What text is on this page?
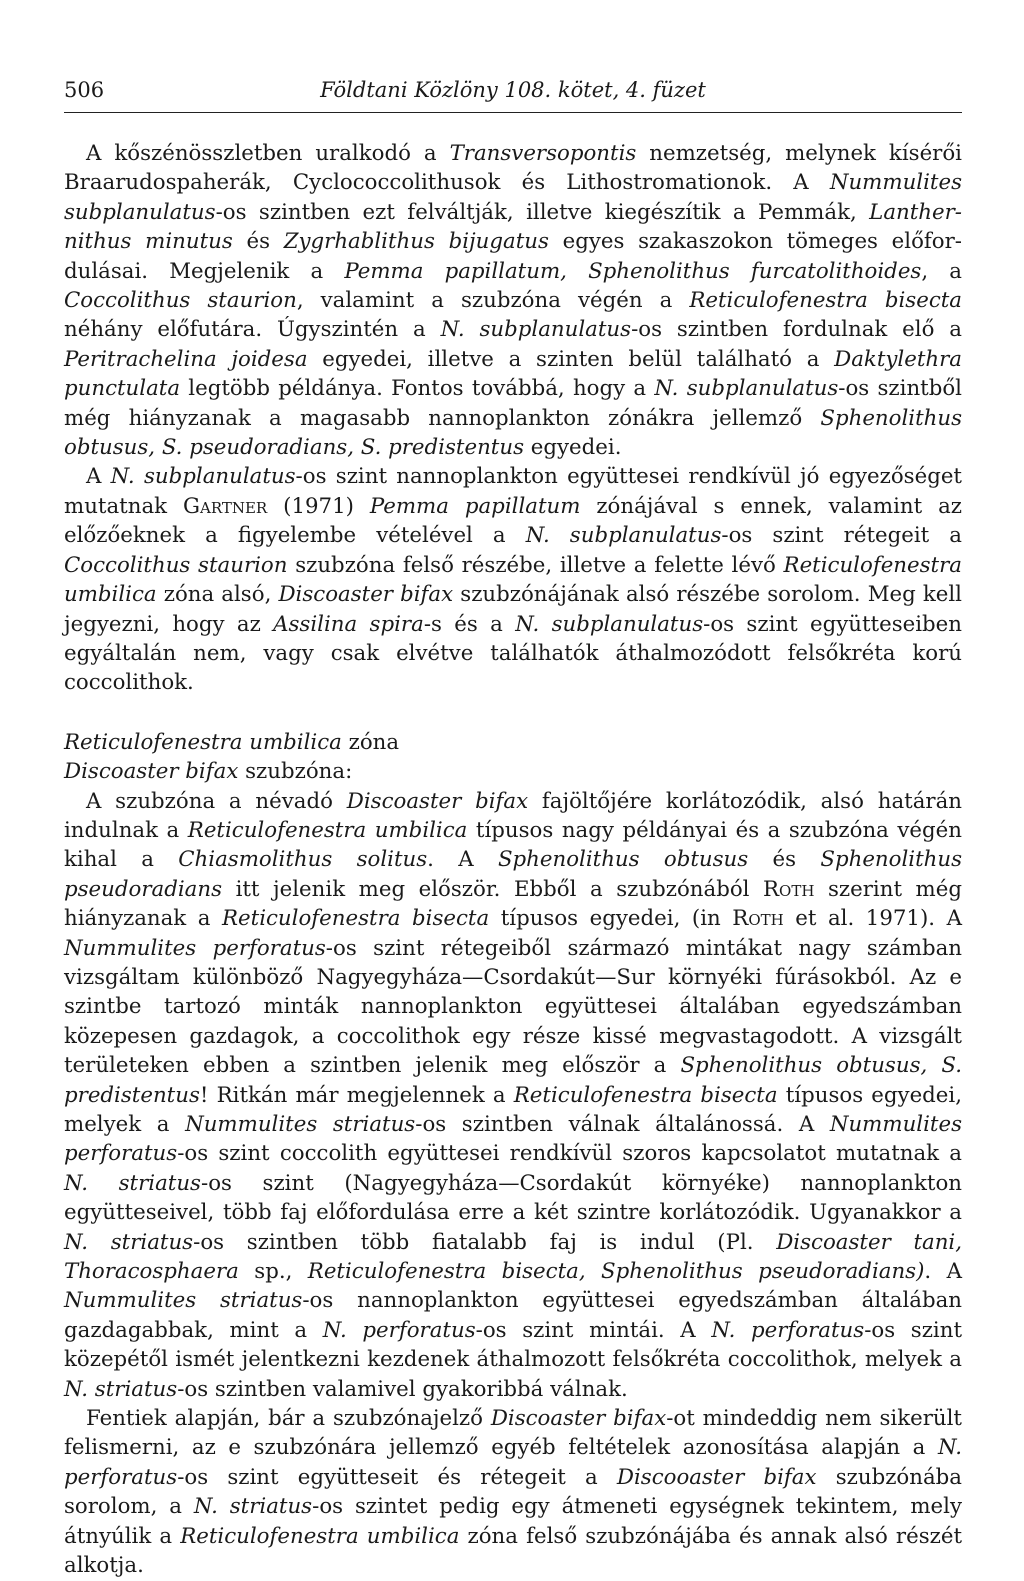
506	Földtani Közlöny 108. kötet, 4. füzet

A kőszénösszletben uralkodó a Transversopontis nemzetség, melynek kísérői Braarudospaherák, Cyclococcolithusok és Lithostromationok. A Nummulites subplanulatus-os szintben ezt felváltják, illetve kiegészítik a Pemmák, Lanthernithus minutus és Zygrhablithus bijugatus egyes szakaszokon tömeges előfordulásai. Megjelenik a Pemma papillatum, Sphenolithus furcatolithoides, a Coccolithus staurion, valamint a szubzóna végén a Reticulofenestra bisecta néhány előfutára. Úgyszintén a N. subplanulatus-os szintben fordulnak elő a Peritrachelina joidesa egyedei, illetve a szinten belül található a Daktylethra punctulata legtöbb példánya. Fontos továbbá, hogy a N. subplanulatus-os szintből még hiányzanak a magasabb nannoplankton zónákra jellemző Sphenolithus obtusus, S. pseudoradians, S. predistentus egyedei.

A N. subplanulatus-os szint nannoplankton együttesei rendkívül jó egyezőséget mutatnak Gartner (1971) Pemma papillatum zónájával s ennek, valamint az előzőeknek a figyelembe vételével a N. subplanulatus-os szint rétegeit a Coccolithus staurion szubzóna felső részébe, illetve a felette lévő Reticulofenestra umbilica zóna alsó, Discoaster bifax szubzónájának alsó részébe sorolom. Meg kell jegyezni, hogy az Assilina spira-s és a N. subplanulatus-os szint együtteseiben egyáltalán nem, vagy csak elvétve találhatók áthalmozódott felsőkréta korú coccolithok.

Reticulofenestra umbilica zóna

Discoaster bifax szubzóna:

A szubzóna a névadó Discoaster bifax fajöltőjére korlátozódik, alsó határán indulnak a Reticulofenestra umbilica típusos nagy példányai és a szubzóna végén kihal a Chiasmolithus solitus. A Sphenolithus obtusus és Sphenolithus pseudoradians itt jelenik meg először. Ebből a szubzónából Roth szerint még hiányzanak a Reticulofenestra bisecta típusos egyedei, (in Roth et al. 1971). A Nummulites perforatus-os szint rétegeiből származó mintákat nagy számban vizsgáltam különböző Nagyegyháza—Csordakút—Sur környéki fúrásokból. Az e szintbe tartozó minták nannoplankton együttesei általában egyedszámban közepesen gazdagok, a coccolithok egy része kissé megvastagodott. A vizsgált területeken ebben a szintben jelenik meg először a Sphenolithus obtusus, S. predistentus! Ritkán már megjelennek a Reticulofenestra bisecta típusos egyedei, melyek a Nummulites striatus-os szintben válnak általánossá. A Nummulites perforatus-os szint coccolith együttesei rendkívül szoros kapcsolatot mutatnak a N. striatus-os szint (Nagyegyháza—Csordakút környéke) nannoplankton együtteseivel, több faj előfordulása erre a két szintre korlátozódik. Ugyanakkor a N. striatus-os szintben több fiatalabb faj is indul (Pl. Discoaster tani, Thoracosphaera sp., Reticulofenestra bisecta, Sphenolithus pseudoradians). A Nummulites striatus-os nannoplankton együttesei egyedszámban általában gazdagabbak, mint a N. perforatus-os szint mintái. A N. perforatus-os szint közepétől ismét jelentkezni kezdenek áthalmozott felsőkréta coccolithok, melyek a N. striatus-os szintben valamivel gyakoribbá válnak.

Fentiek alapján, bár a szubzónajelző Discoaster bifax-ot mindeddig nem sikerült felismerni, az e szubzónára jellemző egyéb feltételek azonosítása alapján a N. perforatus-os szint együtteseit és rétegeit a Discooaster bifax szubzónába sorolom, a N. striatus-os szintet pedig egy átmeneti egységnek tekintem, mely átnyúlik a Reticulofenestra umbilica zóna felső szubzónájába és annak alsó részét alkotja.
